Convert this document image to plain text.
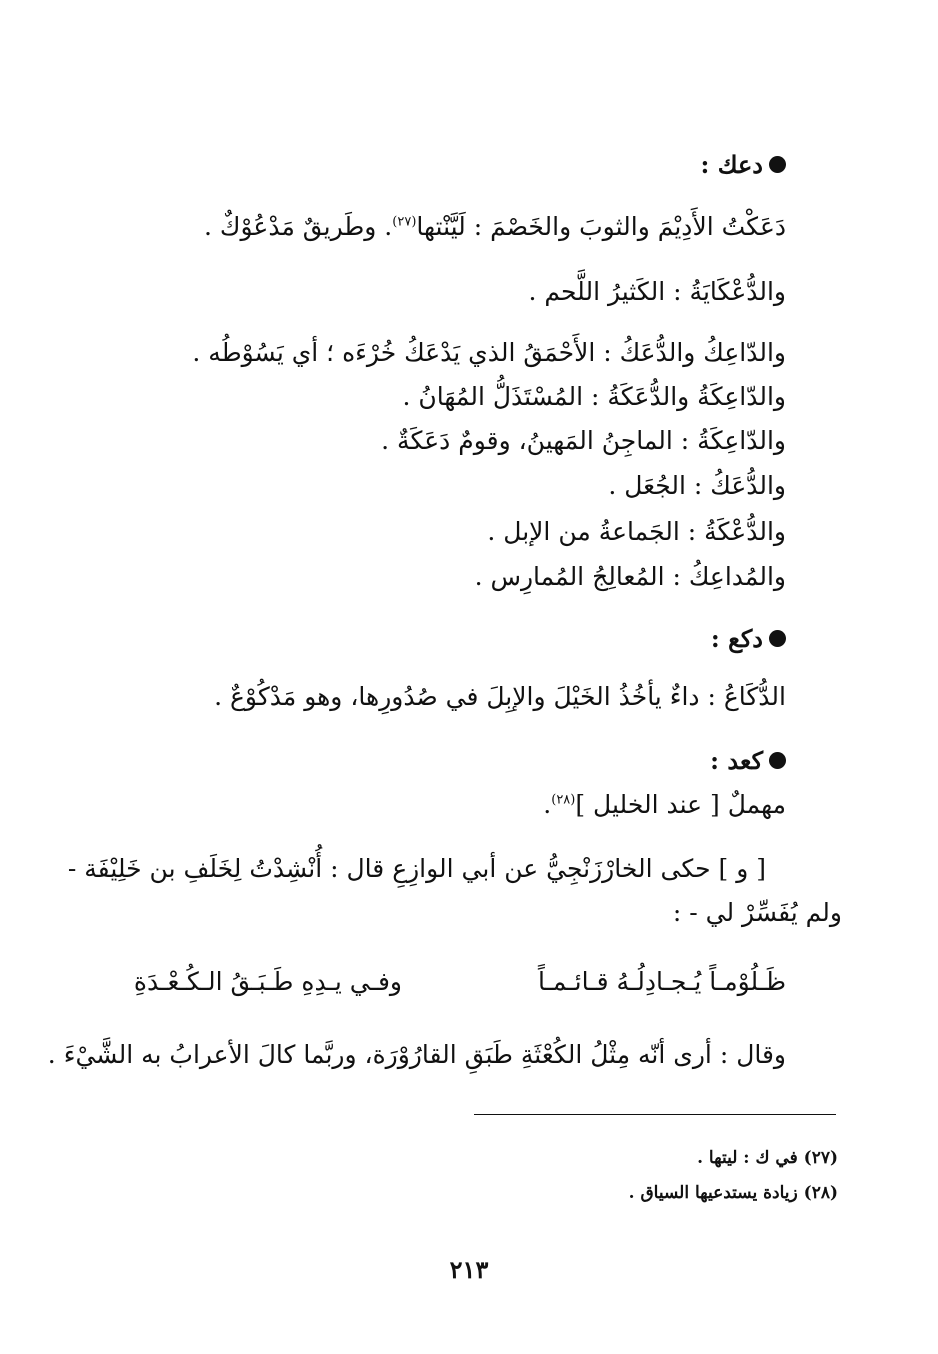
دعك :
دَعَكْتُ الأَدِيْمَ والثوبَ والخَصْمَ : لَيَّنْتها$^{(٢٧)}$. وطَريقٌ مَدْعُوْكٌ .
والدُّعْكَايَةُ : الكَثيرُ اللَّحم .
والدّاعِكُ والدُّعَكُ : الأَحْمَقُ الذي يَدْعَكُ خُرْءَه ؛ أي يَسُوْطُه .
والدّاعِكَةُ والدُّعَكَةُ : المُسْتَذَلُّ المُهَانُ .
والدّاعِكَةُ : الماجِنُ المَهينُ، وقومٌ دَعَكَةٌ .
والدُّعَكُ : الجُعَل .
والدُّعْكَةُ : الجَماعةُ من الإبل .
والمُداعِكُ : المُعالِجُ المُمارِس .
دكع :
الدُّكَاعُ : داءٌ يأخُذُ الخَيْلَ والإبِلَ في صُدُورِها، وهو مَدْكُوْعٌ .
كعد :
مهملٌ [ عند الخليل ]$^{(٢٨)}$.
[ و ] حكى الخارْزَنْجِيُّ عن أبي الوازِعِ قال : أُنْشِدْتُ لِخَلَفِ بن خَلِيْفَة -
ولم يُفَسِّرْ لي - :
ظَـلُوْمـاً يُـجـادِلُـهُ قـائـمـاً
وفـي يـدِهِ طَـبَـقُ الـكُـعْـدَةِ
وقال : أرى أنّه مِثْلُ الكُعْثَةِ طَبَقِ القارُوْرَة، وربَّما كالَ الأعرابُ به الشَّيْءَ .
(٢٧) في ك : ليتها .
(٢٨) زيادة يستدعيها السياق .
٢١٣
